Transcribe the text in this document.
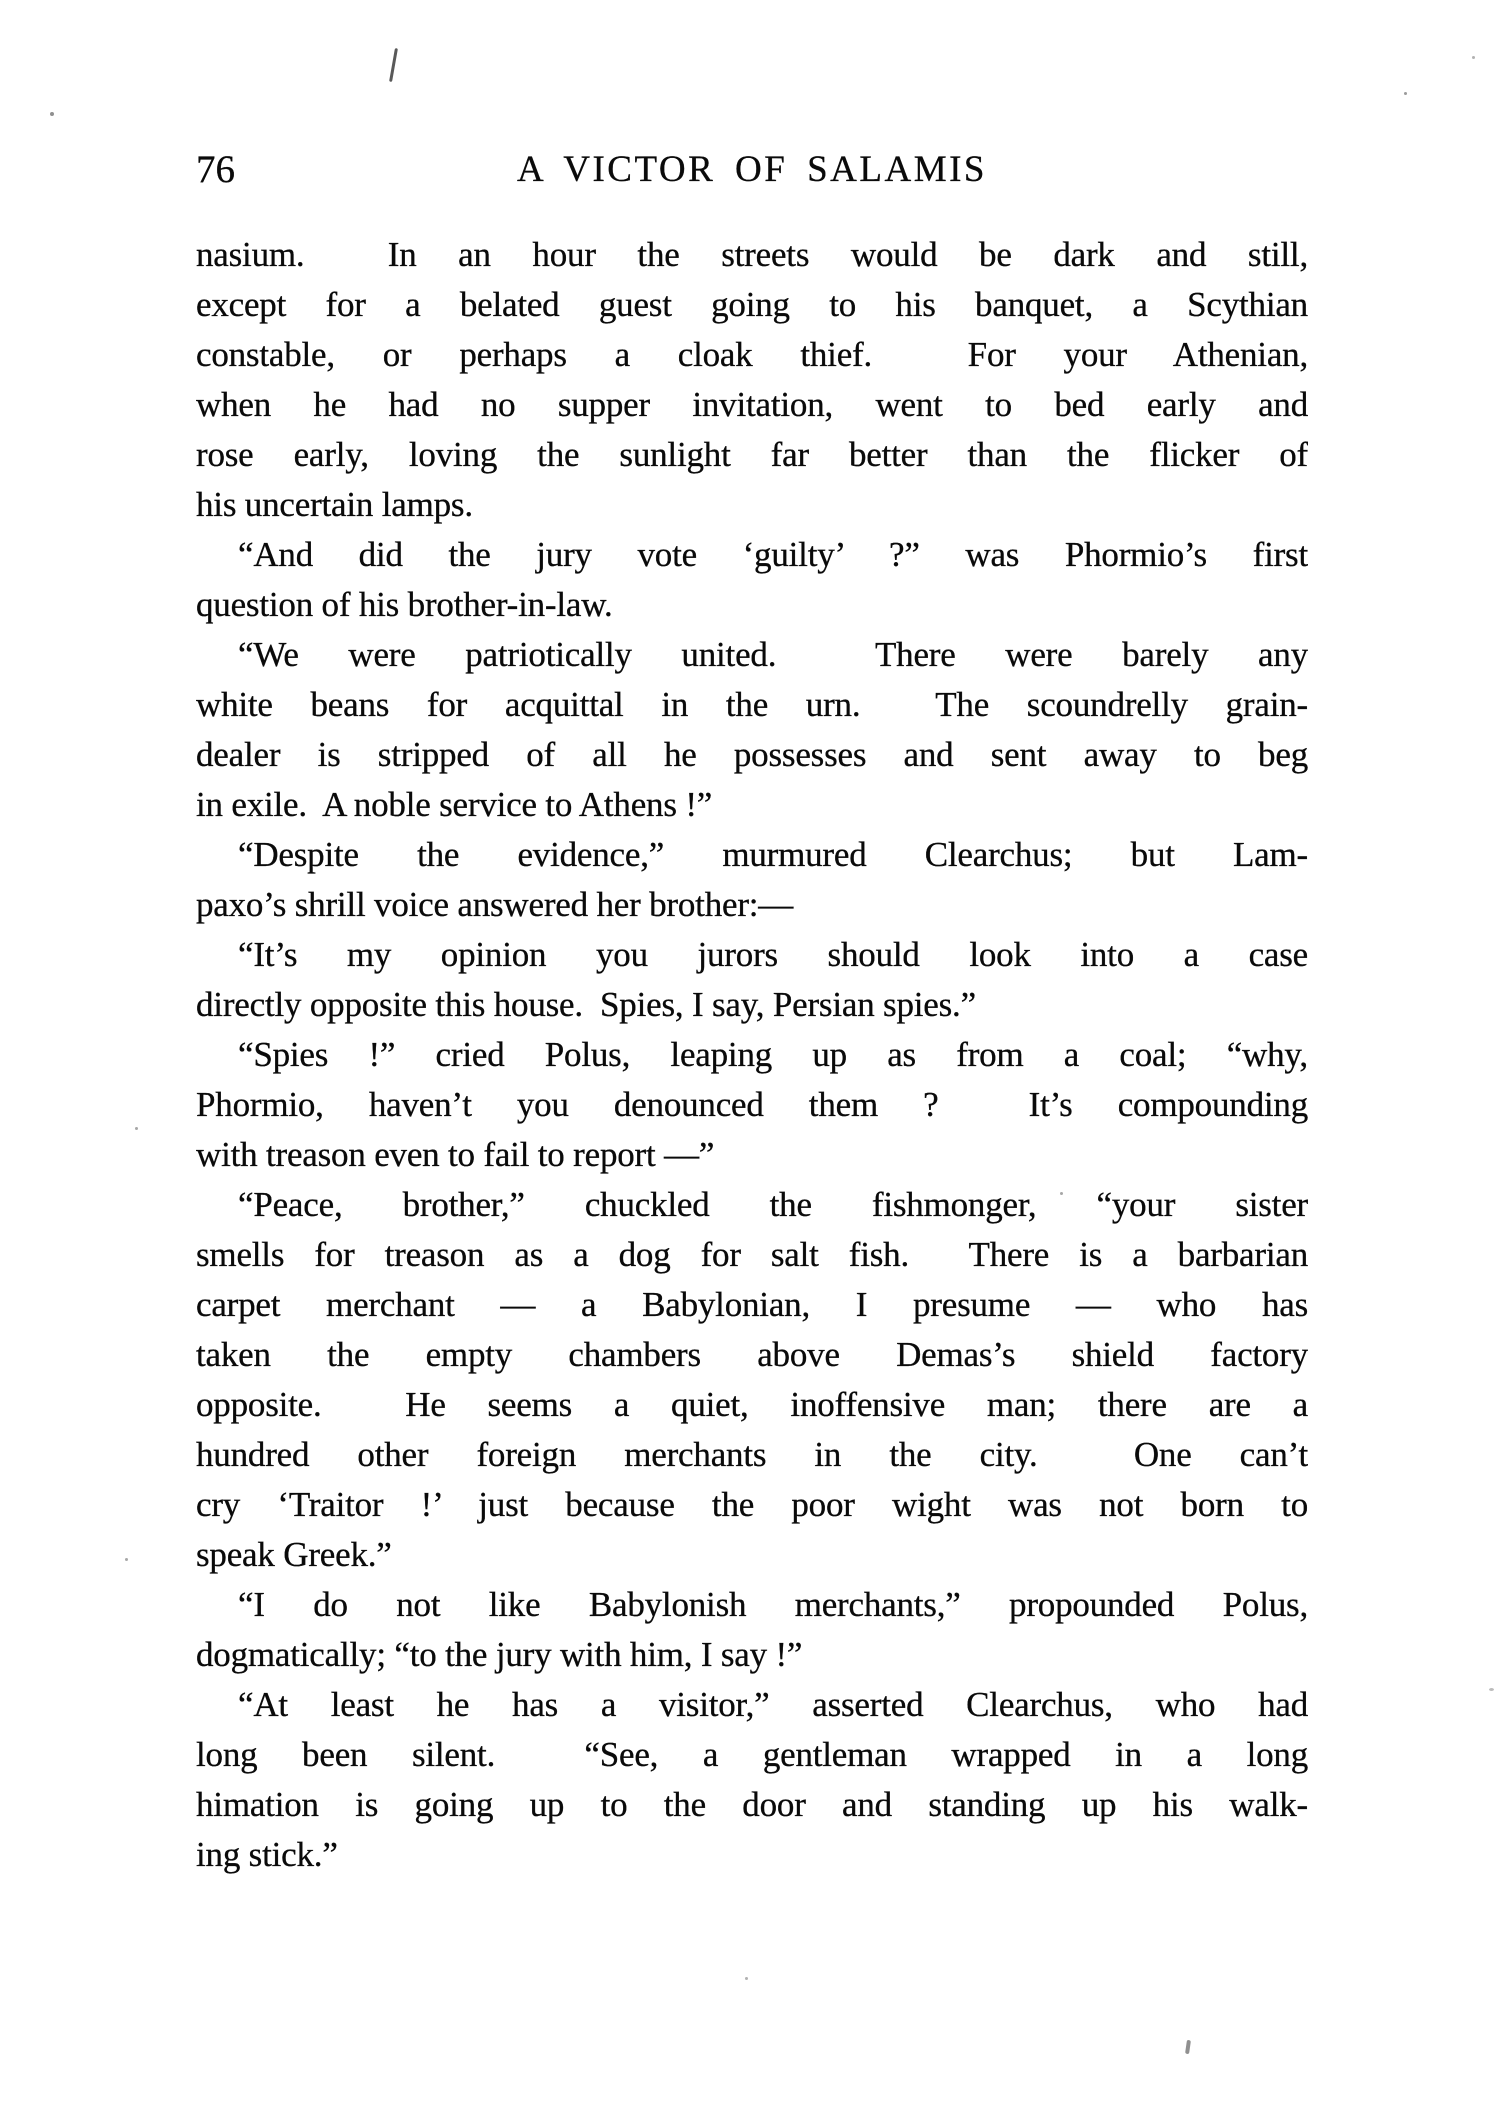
76	A VICTOR OF SALAMIS
nasium.  In an hour the streets would be dark and still,
except for a belated guest going to his banquet, a Scythian
constable, or perhaps a cloak thief.  For your Athenian,
when he had no supper invitation, went to bed early and
rose early, loving the sunlight far better than the flicker of
his uncertain lamps.
“And did the jury vote ‘guilty’ ?” was Phormio’s first
question of his brother-in-law.
“We were patriotically united.  There were barely any
white beans for acquittal in the urn.  The scoundrelly grain-
dealer is stripped of all he possesses and sent away to beg
in exile.  A noble service to Athens !”
“Despite the evidence,” murmured Clearchus; but Lam-
paxo’s shrill voice answered her brother:—
“It’s my opinion you jurors should look into a case
directly opposite this house.  Spies, I say, Persian spies.”
“Spies !” cried Polus, leaping up as from a coal; “why,
Phormio, haven’t you denounced them ?  It’s compounding
with treason even to fail to report —”
“Peace, brother,” chuckled the fishmonger, “your sister
smells for treason as a dog for salt fish.  There is a barbarian
carpet merchant — a Babylonian, I presume — who has
taken the empty chambers above Demas’s shield factory
opposite.  He seems a quiet, inoffensive man; there are a
hundred other foreign merchants in the city.  One can’t
cry ‘Traitor !’ just because the poor wight was not born to
speak Greek.”
“I do not like Babylonish merchants,” propounded Polus,
dogmatically; “to the jury with him, I say !”
“At least he has a visitor,” asserted Clearchus, who had
long been silent.  “See, a gentleman wrapped in a long
himation is going up to the door and standing up his walk-
ing stick.”
